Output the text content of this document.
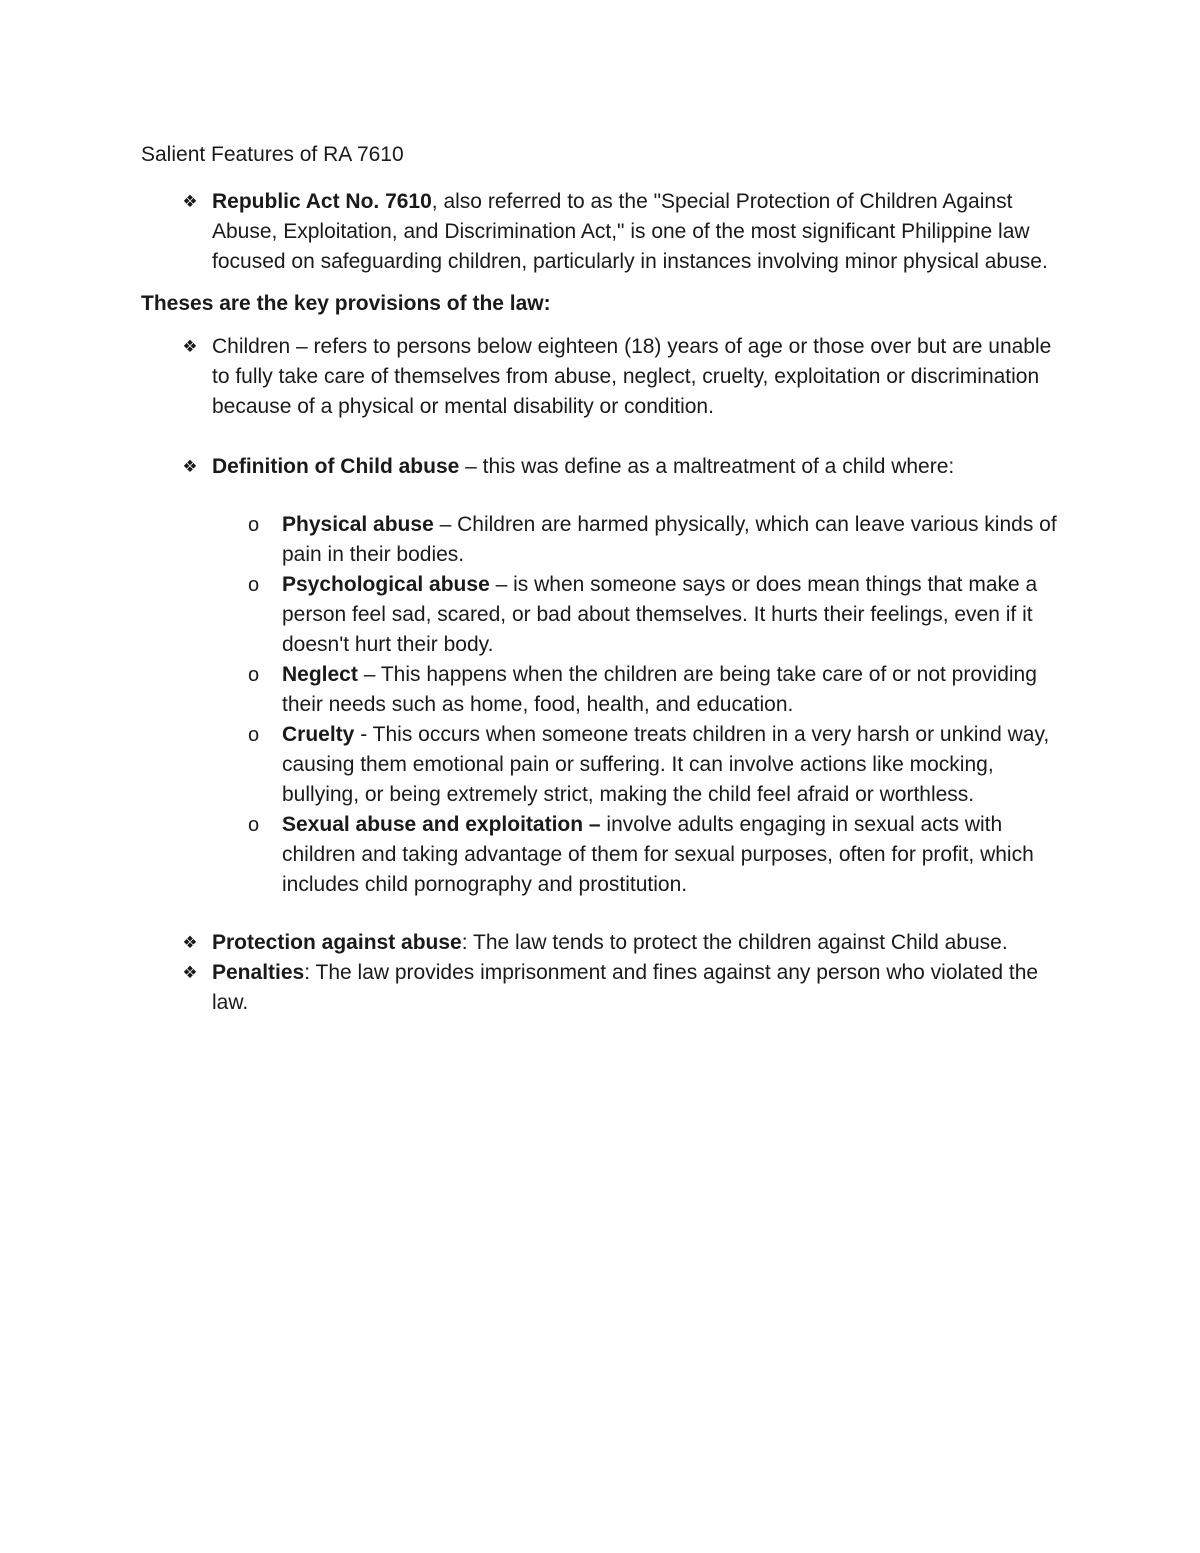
Salient Features of RA 7610
❖ Republic Act No. 7610, also referred to as the "Special Protection of Children Against Abuse, Exploitation, and Discrimination Act," is one of the most significant Philippine law focused on safeguarding children, particularly in instances involving minor physical abuse.
Theses are the key provisions of the law:
❖ Children – refers to persons below eighteen (18) years of age or those over but are unable to fully take care of themselves from abuse, neglect, cruelty, exploitation or discrimination because of a physical or mental disability or condition.
❖ Definition of Child abuse – this was define as a maltreatment of a child where:
o Physical abuse – Children are harmed physically, which can leave various kinds of pain in their bodies.
o Psychological abuse – is when someone says or does mean things that make a person feel sad, scared, or bad about themselves. It hurts their feelings, even if it doesn't hurt their body.
o Neglect – This happens when the children are being take care of or not providing their needs such as home, food, health, and education.
o Cruelty - This occurs when someone treats children in a very harsh or unkind way, causing them emotional pain or suffering. It can involve actions like mocking, bullying, or being extremely strict, making the child feel afraid or worthless.
o Sexual abuse and exploitation – involve adults engaging in sexual acts with children and taking advantage of them for sexual purposes, often for profit, which includes child pornography and prostitution.
❖ Protection against abuse: The law tends to protect the children against Child abuse.
❖ Penalties: The law provides imprisonment and fines against any person who violated the law.
